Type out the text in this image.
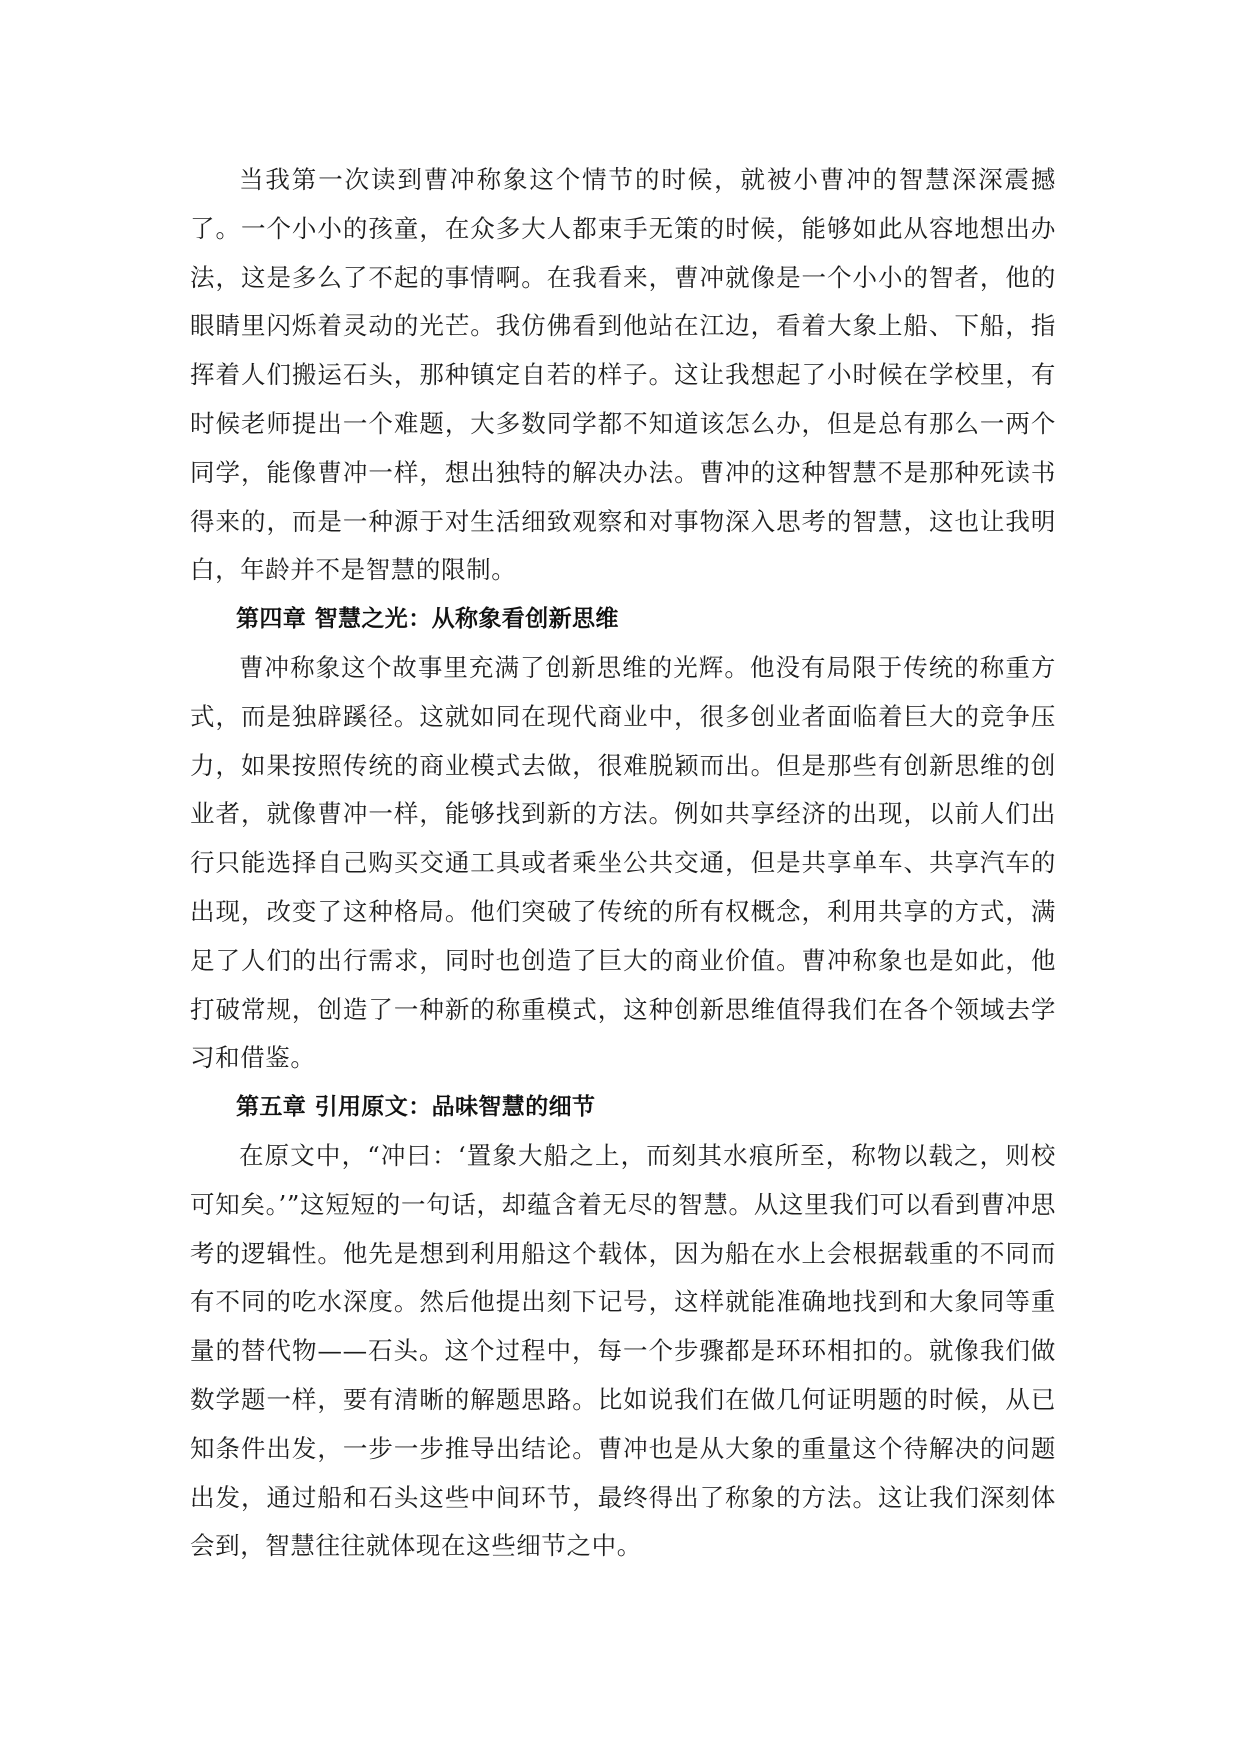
当我第一次读到曹冲称象这个情节的时候，就被小曹冲的智慧深深震撼了。一个小小的孩童，在众多大人都束手无策的时候，能够如此从容地想出办法，这是多么了不起的事情啊。在我看来，曹冲就像是一个小小的智者，他的眼睛里闪烁着灵动的光芒。我仿佛看到他站在江边，看着大象上船、下船，指挥着人们搬运石头，那种镇定自若的样子。这让我想起了小时候在学校里，有时候老师提出一个难题，大多数同学都不知道该怎么办，但是总有那么一两个同学，能像曹冲一样，想出独特的解决办法。曹冲的这种智慧不是那种死读书得来的，而是一种源于对生活细致观察和对事物深入思考的智慧，这也让我明白，年龄并不是智慧的限制。

第四章 智慧之光：从称象看创新思维

曹冲称象这个故事里充满了创新思维的光辉。他没有局限于传统的称重方式，而是独辟蹊径。这就如同在现代商业中，很多创业者面临着巨大的竞争压力，如果按照传统的商业模式去做，很难脱颖而出。但是那些有创新思维的创业者，就像曹冲一样，能够找到新的方法。例如共享经济的出现，以前人们出行只能选择自己购买交通工具或者乘坐公共交通，但是共享单车、共享汽车的出现，改变了这种格局。他们突破了传统的所有权概念，利用共享的方式，满足了人们的出行需求，同时也创造了巨大的商业价值。曹冲称象也是如此，他打破常规，创造了一种新的称重模式，这种创新思维值得我们在各个领域去学习和借鉴。

第五章 引用原文：品味智慧的细节

在原文中，“冲曰：‘置象大船之上，而刻其水痕所至，称物以载之，则校可知矣。’”这短短的一句话，却蕴含着无尽的智慧。从这里我们可以看到曹冲思考的逻辑性。他先是想到利用船这个载体，因为船在水上会根据载重的不同而有不同的吃水深度。然后他提出刻下记号，这样就能准确地找到和大象同等重量的替代物——石头。这个过程中，每一个步骤都是环环相扣的。就像我们做数学题一样，要有清晰的解题思路。比如说我们在做几何证明题的时候，从已知条件出发，一步一步推导出结论。曹冲也是从大象的重量这个待解决的问题出发，通过船和石头这些中间环节，最终得出了称象的方法。这让我们深刻体会到，智慧往往就体现在这些细节之中。
